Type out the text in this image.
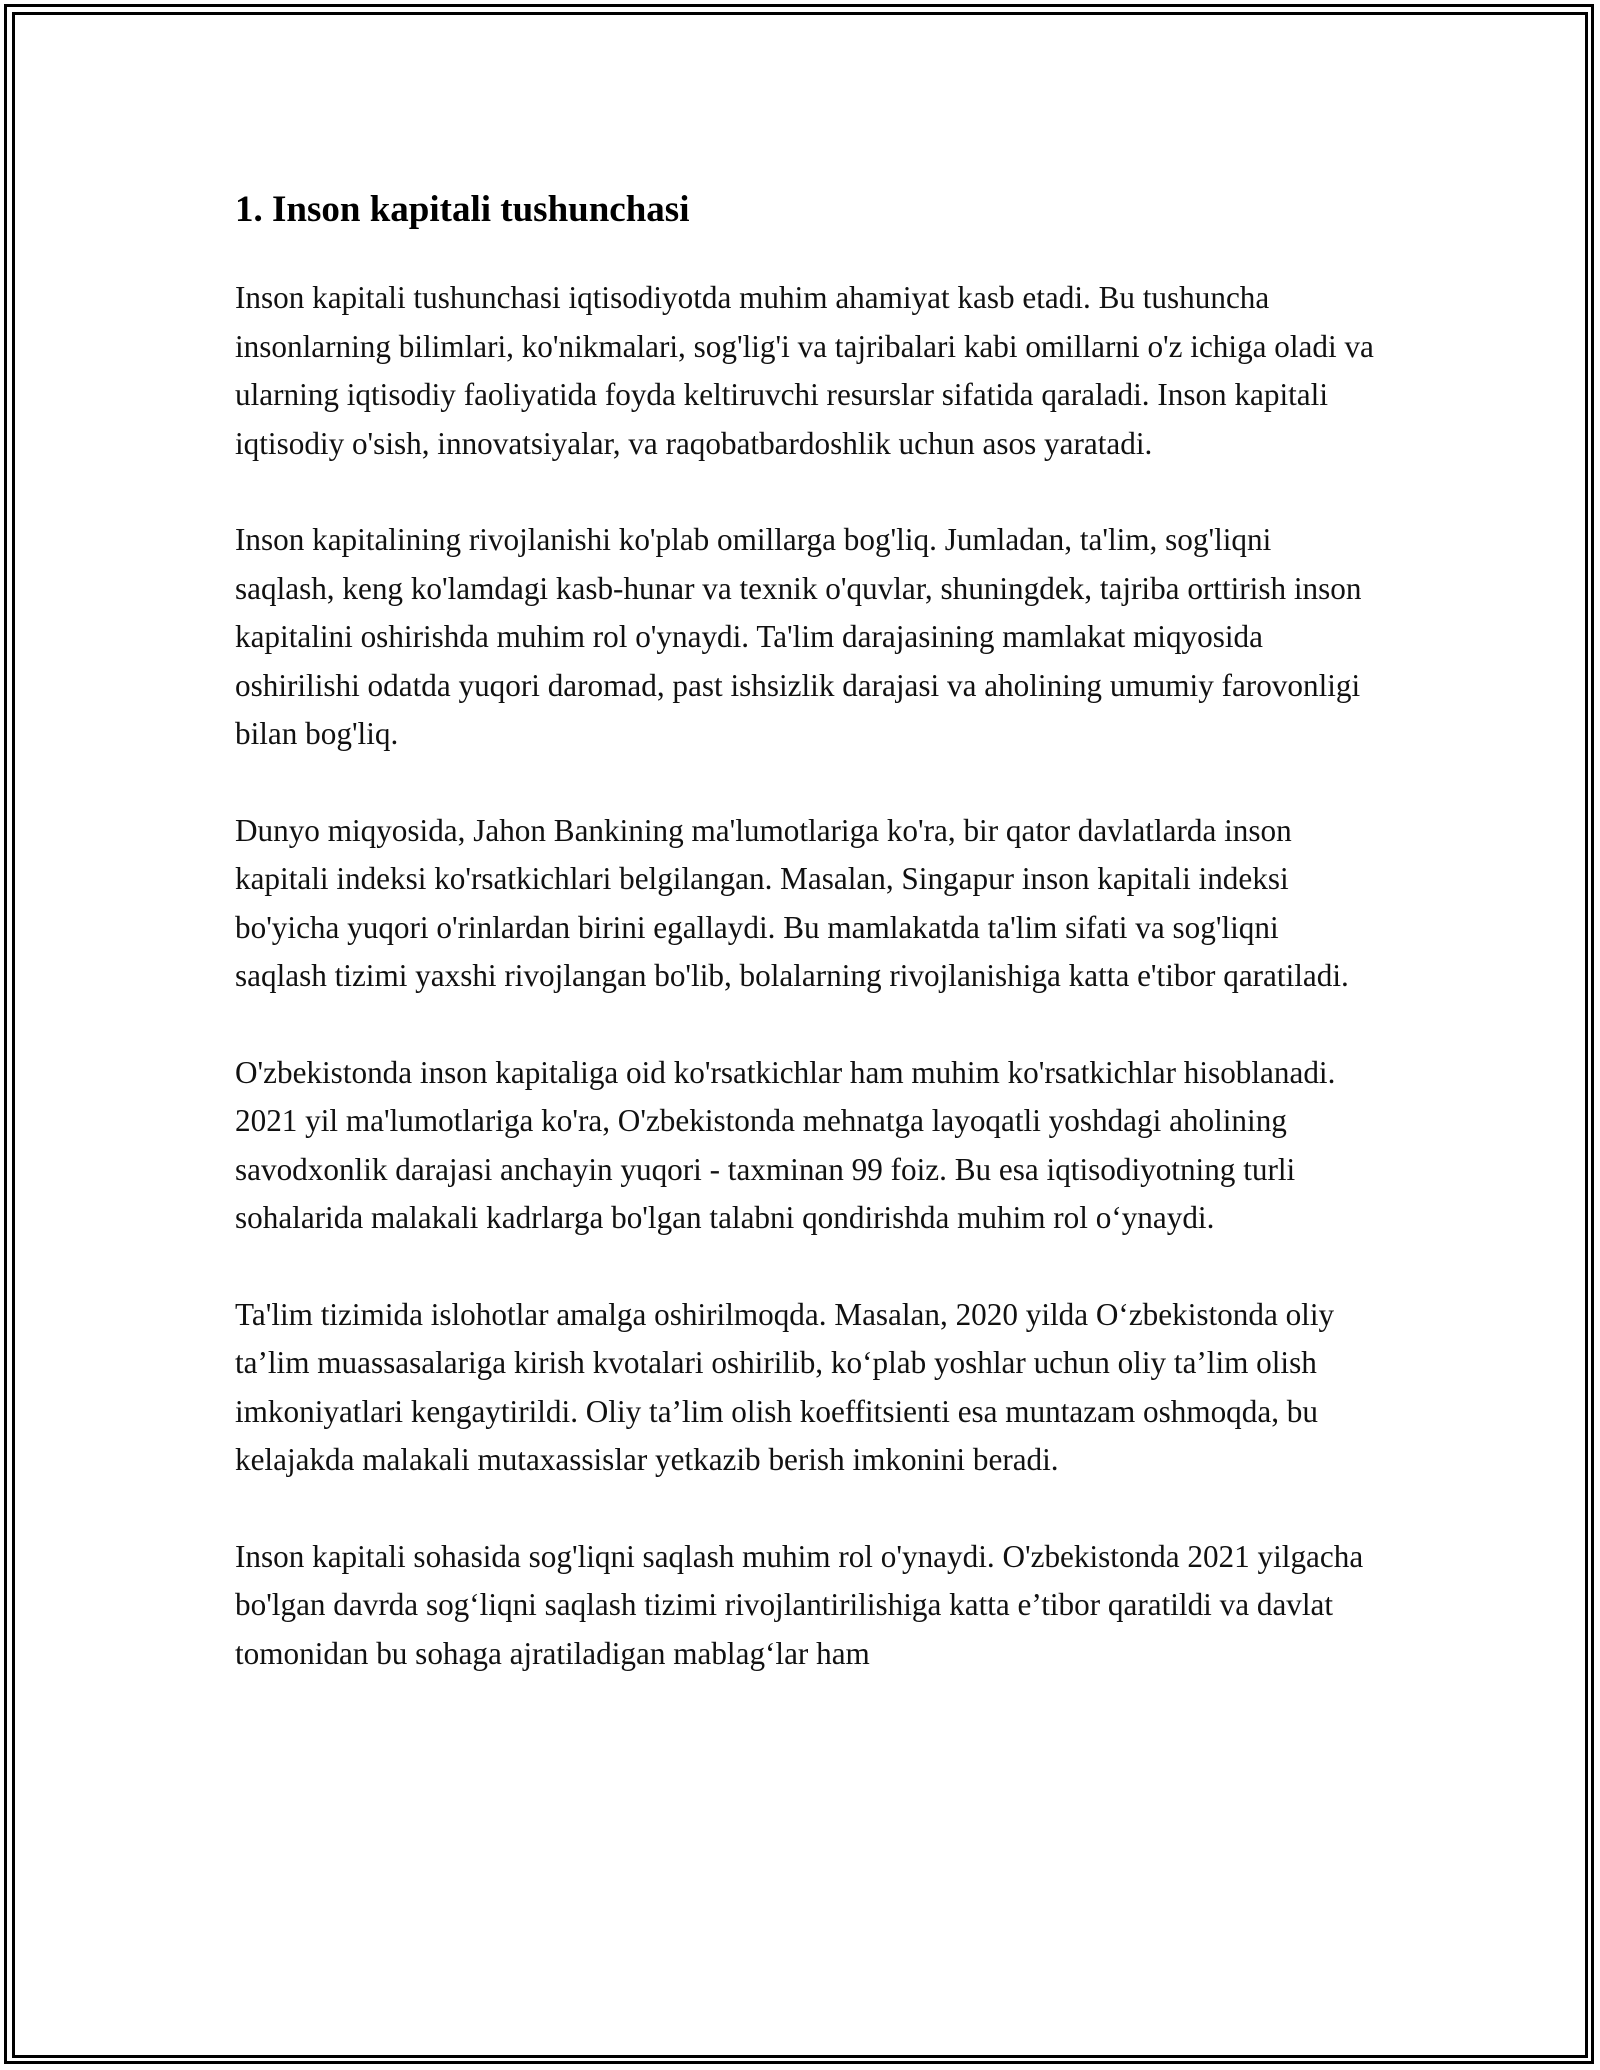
1. Inson kapitali tushunchasi

Inson kapitali tushunchasi iqtisodiyotda muhim ahamiyat kasb etadi. Bu tushuncha insonlarning bilimlari, ko'nikmalari, sog'lig'i va tajribalari kabi omillarni o'z ichiga oladi va ularning iqtisodiy faoliyatida foyda keltiruvchi resurslar sifatida qaraladi. Inson kapitali iqtisodiy o'sish, innovatsiyalar, va raqobatbardoshlik uchun asos yaratadi.

Inson kapitalining rivojlanishi ko'plab omillarga bog'liq. Jumladan, ta'lim, sog'liqni saqlash, keng ko'lamdagi kasb-hunar va texnik o'quvlar, shuningdek, tajriba orttirish inson kapitalini oshirishda muhim rol o'ynaydi. Ta'lim darajasining mamlakat miqyosida oshirilishi odatda yuqori daromad, past ishsizlik darajasi va aholining umumiy farovonligi bilan bog'liq.

Dunyo miqyosida, Jahon Bankining ma'lumotlariga ko'ra, bir qator davlatlarda inson kapitali indeksi ko'rsatkichlari belgilangan. Masalan, Singapur inson kapitali indeksi bo'yicha yuqori o'rinlardan birini egallaydi. Bu mamlakatda ta'lim sifati va sog'liqni saqlash tizimi yaxshi rivojlangan bo'lib, bolalarning rivojlanishiga katta e'tibor qaratiladi.

O'zbekistonda inson kapitaliga oid ko'rsatkichlar ham muhim ko'rsatkichlar hisoblanadi. 2021 yil ma'lumotlariga ko'ra, O'zbekistonda mehnatga layoqatli yoshdagi aholining savodxonlik darajasi anchayin yuqori - taxminan 99 foiz. Bu esa iqtisodiyotning turli sohalarida malakali kadrlarga bo'lgan talabni qondirishda muhim rol o‘ynaydi.

Ta'lim tizimida islohotlar amalga oshirilmoqda. Masalan, 2020 yilda O‘zbekistonda oliy ta’lim muassasalariga kirish kvotalari oshirilib, ko‘plab yoshlar uchun oliy ta’lim olish imkoniyatlari kengaytirildi. Oliy ta’lim olish koeffitsienti esa muntazam oshmoqda, bu kelajakda malakali mutaxassislar yetkazib berish imkonini beradi.

Inson kapitali sohasida sog'liqni saqlash muhim rol o'ynaydi. O'zbekistonda 2021 yilgacha bo'lgan davrda sog‘liqni saqlash tizimi rivojlantirilishiga katta e’tibor qaratildi va davlat tomonidan bu sohaga ajratiladigan mablag‘lar ham
